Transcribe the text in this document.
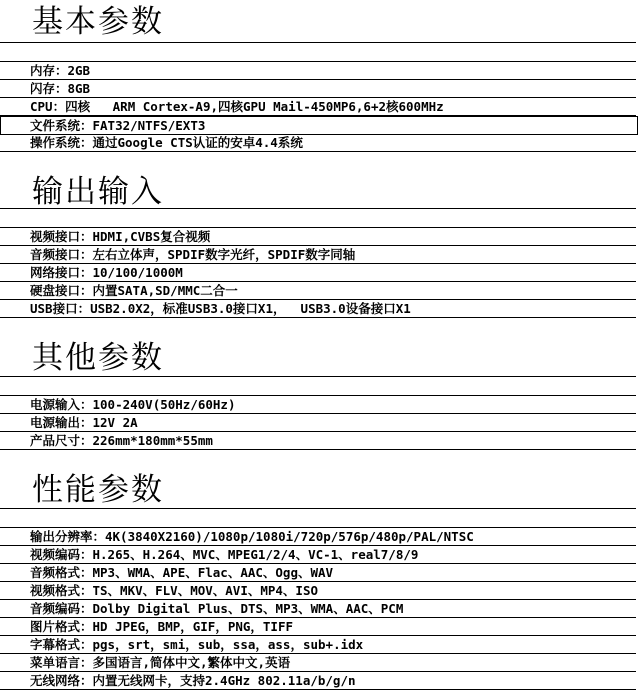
基本参数
内存：2GB
闪存：8GB
CPU：四核   ARM Cortex-A9,四核GPU Mail-450MP6,6+2核600MHz
文件系统：FAT32/NTFS/EXT3
操作系统：通过Google CTS认证的安卓4.4系统
输出输入
视频接口：HDMI,CVBS复合视频
音频接口：左右立体声，SPDIF数字光纤，SPDIF数字同轴
网络接口：10/100/1000M
硬盘接口：内置SATA,SD/MMC二合一
USB接口：USB2.0X2，标准USB3.0接口X1，  USB3.0设备接口X1
其他参数
电源输入：100-240V(50Hz/60Hz)
电源输出：12V 2A
产品尺寸：226mm*180mm*55mm
性能参数
输出分辨率：4K(3840X2160)/1080p/1080i/720p/576p/480p/PAL/NTSC
视频编码：H.265、H.264、MVC、MPEG1/2/4、VC-1、real7/8/9
音频格式：MP3、WMA、APE、Flac、AAC、Ogg、WAV
视频格式：TS、MKV、FLV、MOV、AVI、MP4、ISO
音频编码：Dolby Digital Plus、DTS、MP3、WMA、AAC、PCM
图片格式：HD JPEG，BMP，GIF，PNG，TIFF
字幕格式：pgs，srt，smi，sub，ssa，ass，sub+.idx
菜单语言：多国语言,简体中文,繁体中文,英语
无线网络：内置无线网卡，支持2.4GHz 802.11a/b/g/n
